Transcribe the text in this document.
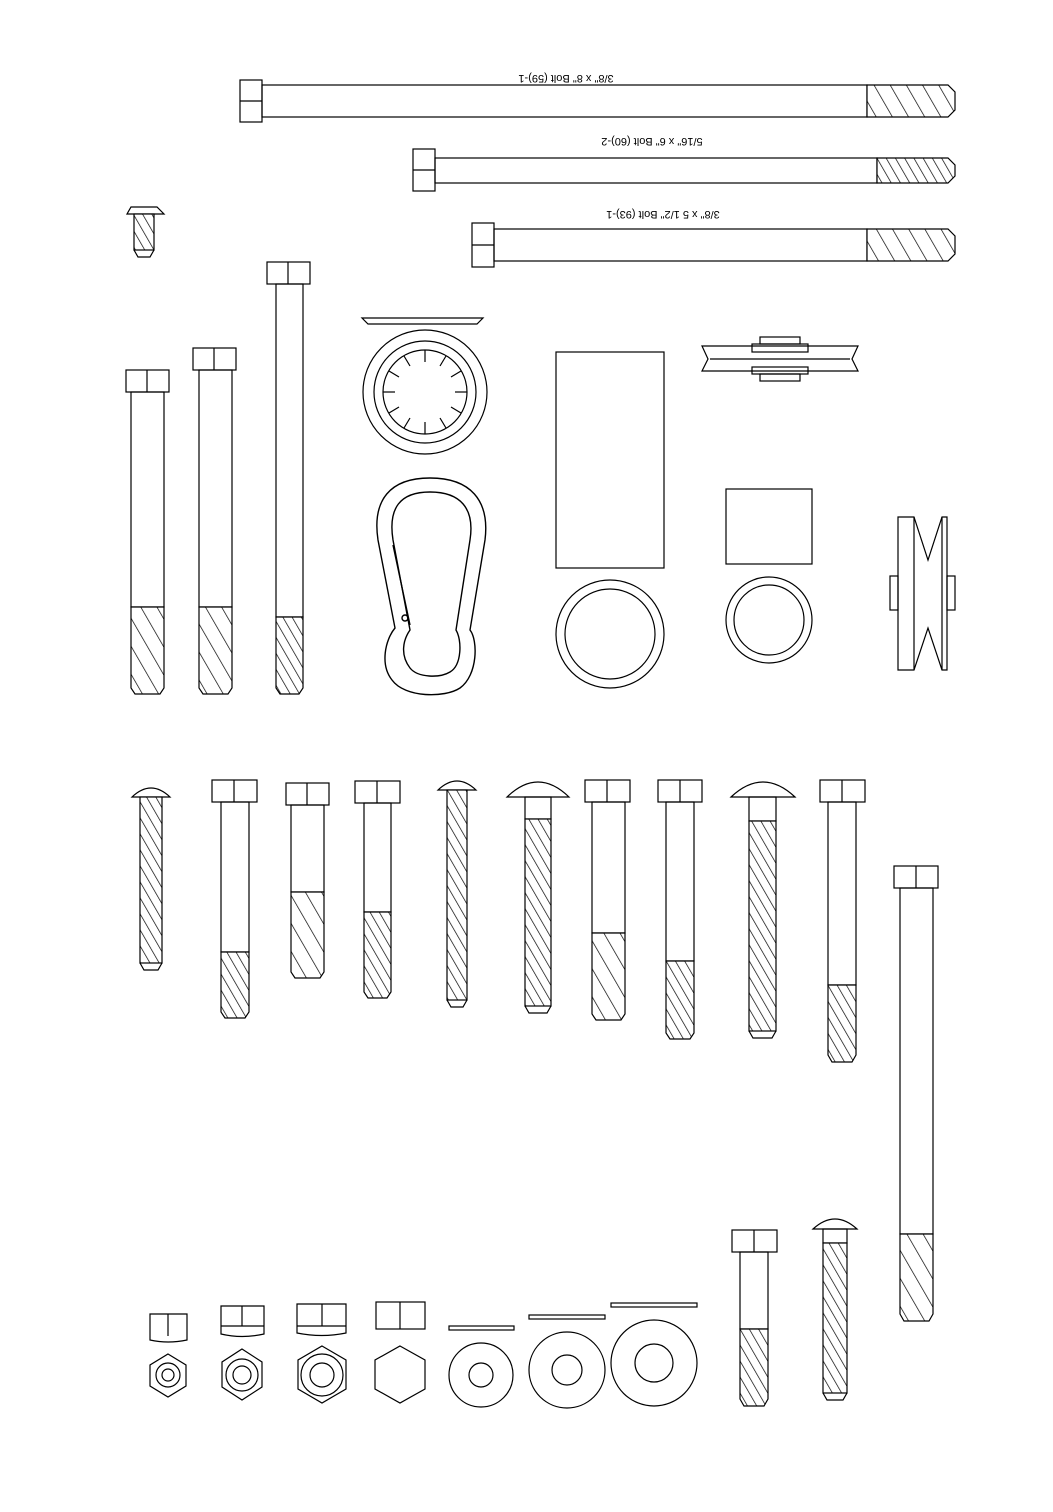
3/8" x 8" Bolt (59)-1
5/16" x 6" Bolt (60)-2
3/8" x 5 1/2" Bolt (93)-1
